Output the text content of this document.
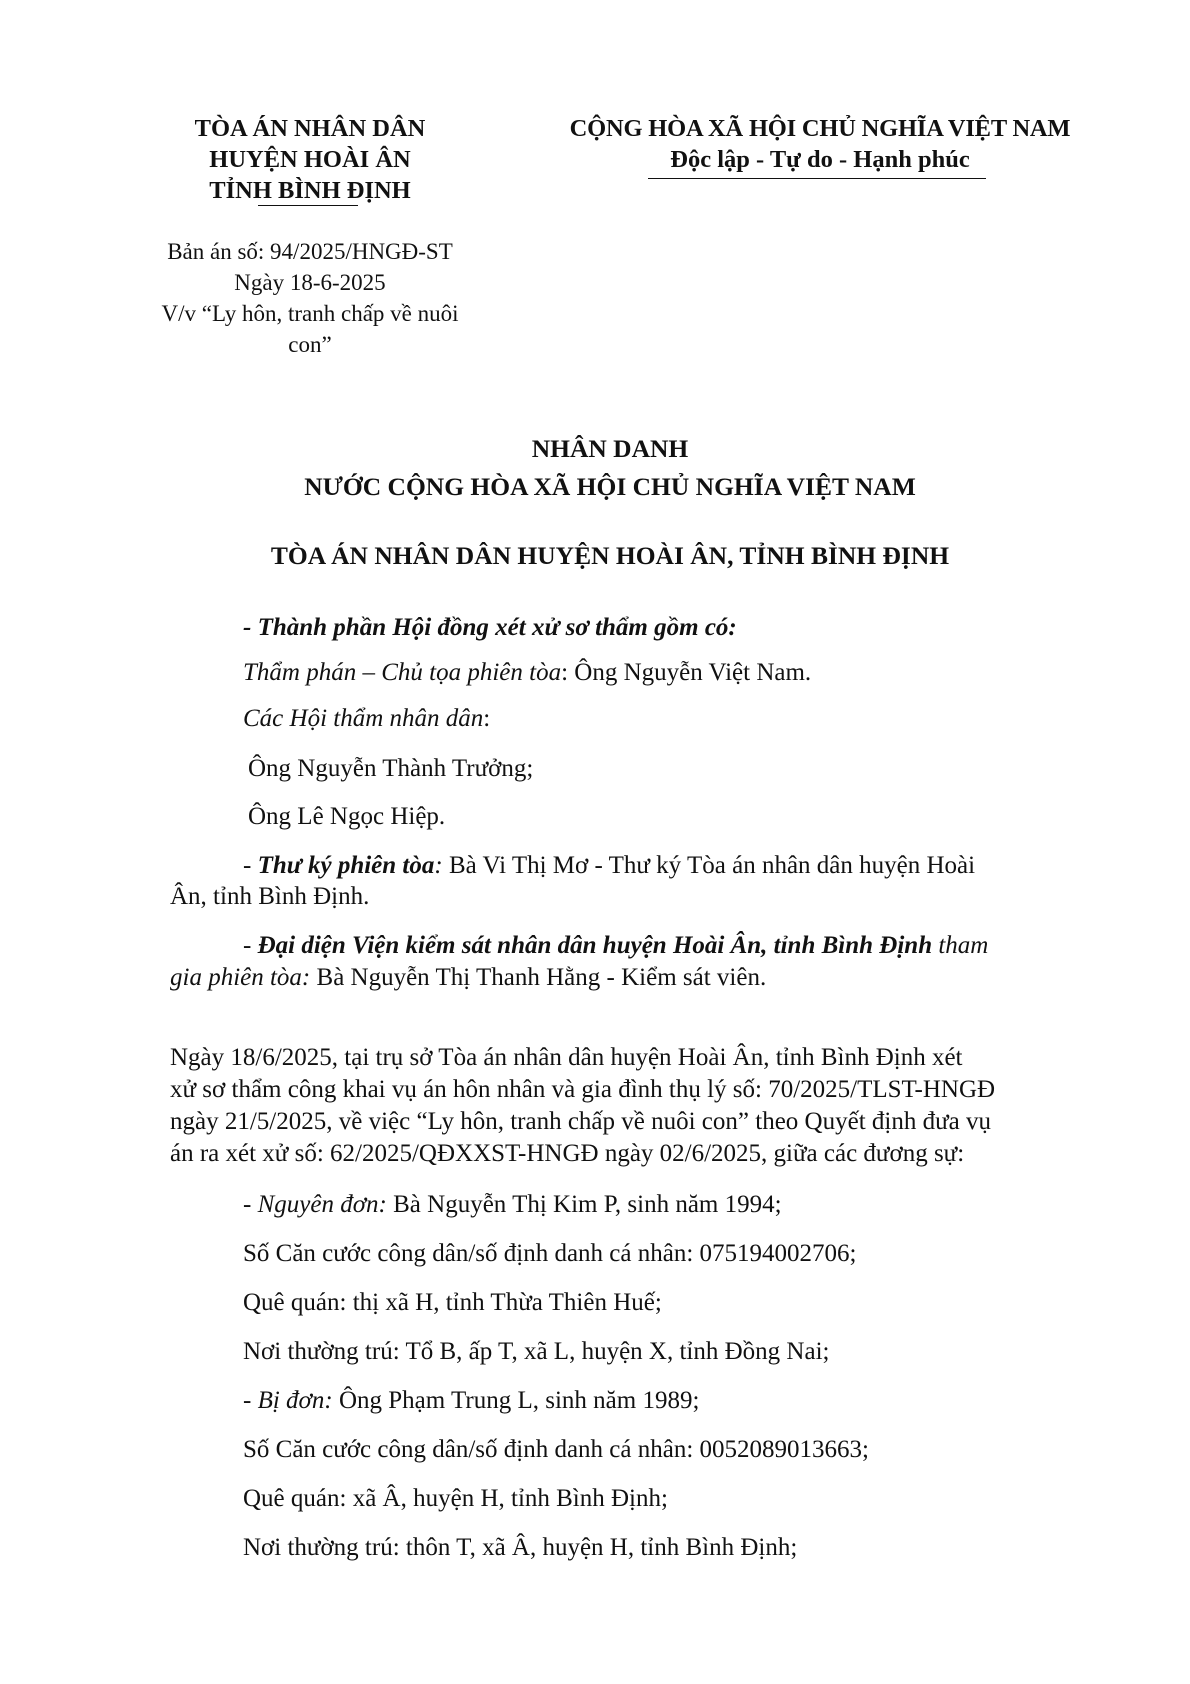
TÒA ÁN NHÂN DÂN
HUYỆN HOÀI ÂN
TỈNH BÌNH ĐỊNH
CỘNG HÒA XÃ HỘI CHỦ NGHĨA VIỆT NAM
Độc lập - Tự do - Hạnh phúc
Bản án số: 94/2025/HNGĐ-ST
Ngày 18-6-2025
V/v “Ly hôn, tranh chấp về nuôi
con”
NHÂN DANH
NƯỚC CỘNG HÒA XÃ HỘI CHỦ NGHĨA VIỆT NAM
TÒA ÁN NHÂN DÂN HUYỆN HOÀI ÂN, TỈNH BÌNH ĐỊNH
- Thành phần Hội đồng xét xử sơ thẩm gồm có:
Thẩm phán – Chủ tọa phiên tòa: Ông Nguyễn Việt Nam.
Các Hội thẩm nhân dân:
Ông Nguyễn Thành Trưởng;
Ông Lê Ngọc Hiệp.
- Thư ký phiên tòa: Bà Vi Thị Mơ - Thư ký Tòa án nhân dân huyện Hoài
Ân, tỉnh Bình Định.
- Đại diện Viện kiểm sát nhân dân huyện Hoài Ân, tỉnh Bình Định tham
gia phiên tòa: Bà Nguyễn Thị Thanh Hằng - Kiểm sát viên.
Ngày 18/6/2025, tại trụ sở Tòa án nhân dân huyện Hoài Ân, tỉnh Bình Định xét
xử sơ thẩm công khai vụ án hôn nhân và gia đình thụ lý số: 70/2025/TLST-HNGĐ
ngày 21/5/2025, về việc “Ly hôn, tranh chấp về nuôi con” theo Quyết định đưa vụ
án ra xét xử số: 62/2025/QĐXXST-HNGĐ ngày 02/6/2025, giữa các đương sự:
- Nguyên đơn: Bà Nguyễn Thị Kim P, sinh năm 1994;
Số Căn cước công dân/số định danh cá nhân: 075194002706;
Quê quán: thị xã H, tỉnh Thừa Thiên Huế;
Nơi thường trú: Tổ B, ấp T, xã L, huyện X, tỉnh Đồng Nai;
- Bị đơn: Ông Phạm Trung L, sinh năm 1989;
Số Căn cước công dân/số định danh cá nhân: 0052089013663;
Quê quán: xã Â, huyện H, tỉnh Bình Định;
Nơi thường trú: thôn T, xã Â, huyện H, tỉnh Bình Định;
